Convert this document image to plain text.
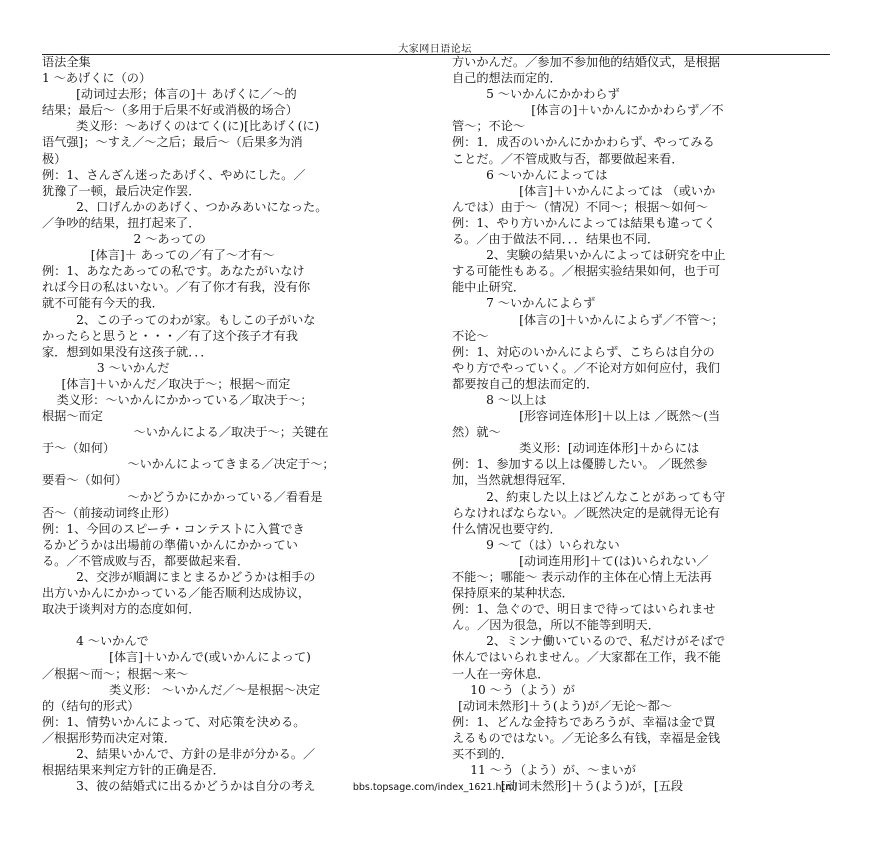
大家网日语论坛
语法全集
1 ～あげくに（の）
[动词过去形；体言の]＋ あげくに／～的
结果；最后～（多用于后果不好或消极的场合）
类义形：～あげくのはてく(に)[比あげく(に)
语气强]；～すえ／～之后；最后～（后果多为消
极）
例：1、さんざん迷ったあげく、やめにした。／
犹豫了一顿，最后决定作罢．
2、口げんかのあげく、つかみあいになった。
／争吵的结果，扭打起来了．
2 ～あっての
[体言]＋ あっての／有了～才有～
例：1、あなたあっての私です。あなたがいなけ
れば今日の私はいない。／有了你才有我，没有你
就不可能有今天的我．
2、この子ってのわが家。もしこの子がいな
かったらと思うと・・・／有了这个孩子才有我
家．想到如果没有这孩子就．．．
3 ～いかんだ
[体言]＋いかんだ／取决于～；根据～而定
类义形：～いかんにかかっている／取决于～；
根据～而定
～いかんによる／取决于～；关键在
于～（如何）
～いかんによってきまる／决定于～；
要看～（如何）
～かどうかにかかっている／看看是
否～（前接动词终止形）
例：1、今回のスピーチ・コンテストに入賞でき
るかどうかは出場前の準備いかんにかかってい
る。／不管成败与否，都要做起来看．
2、交涉が順調にまとまるかどうかは相手の
出方いかんにかかっている／能否顺利达成协议，
取决于谈判对方的态度如何．
4 ～いかんで
[体言]＋いかんで(或いかんによって)
／根据～而～；根据～来～
类义形： ～いかんだ／～是根据～决定
的（结句的形式）
例：1、情势いかんによって、对応策を決める。
／根据形势而决定对策．
2、結果いかんで、方針の是非が分かる。／
根据结果来判定方针的正确是否．
3、彼の結婚式に出るかどうかは自分の考え
方いかんだ。／参加不参加他的结婚仪式，是根据
自己的想法而定的．
5 ～いかんにかかわらず
[体言の]＋いかんにかかわらず／不
管～；不论～
例：1．成否のいかんにかかわらず、やってみる
ことだ。／不管成败与否，都要做起来看．
6 ～いかんによっては
[体言]＋いかんによっては （或いか
んでは）由于～（情况）不同～；根据～如何～
例：1、やり方いかんによっては結果も違ってく
る。／由于做法不同．．．结果也不同．
2、実験の結果いかんによっては研究を中止
する可能性もある。／根据实验结果如何，也于可
能中止研究．
7 ～いかんによらず
[体言の]＋いかんによらず／不管～；
不论～
例：1、対応のいかんによらず、こちらは自分の
やり方でやっていく。／不论对方如何应付，我们
都要按自己的想法而定的．
8 ～以上は
[形容词连体形]＋以上は ／既然～(当
然）就～
类义形：[动词连体形]＋からには
例：1、参加する以上は優勝したい。 ／既然参
加，当然就想得冠军．
2、約束した以上はどんなことがあっても守
らなければならない。／既然决定的是就得无论有
什么情况也要守约．
9 ～て（は）いられない
[动词连用形]＋て(は)いられない／
不能～；哪能～ 表示动作的主体在心情上无法再
保持原来的某种状态．
例：1、急ぐので、明日まで待ってはいられませ
ん。／因为很急，所以不能等到明天．
2、ミンナ働いているので、私だけがそばで
休んではいられません。／大家都在工作，我不能
一人在一旁休息．
10 ～う（よう）が
[动词未然形]＋う(よう)が／无论～都～
例：1、どんな金持ちであろうが、幸福は金で買
えるものではない。／无论多么有钱，幸福是金钱
买不到的．
11 ～う（よう）が、～まいが
[动词未然形]＋う(よう)が，[五段
bbs.topsage.com/index_1621.html
